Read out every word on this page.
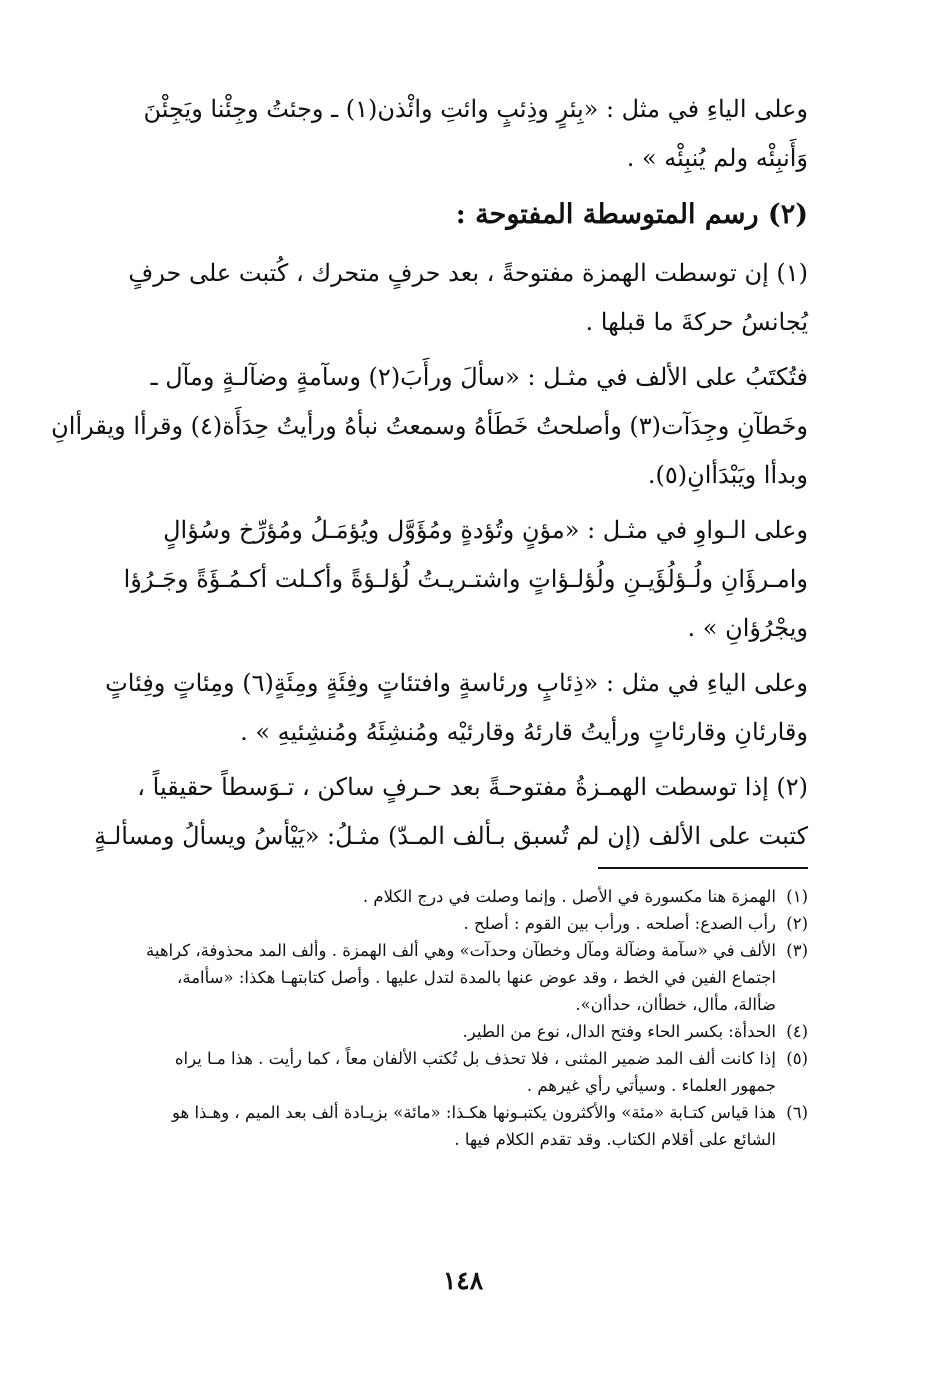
وعلى الياءِ في مثل : «بِئرٍ وذِئبٍ وائتِ وائْذن(١) ـ وجئتُ وجِئْنا ويَجِئْنَ
وَأَنبِئْه ولم يُنبِئْه » .
(٢) رسم المتوسطة المفتوحة :
(١) إن توسطت الهمزة مفتوحةً ، بعد حرفٍ متحرك ، كُتبت على حرفٍ
يُجانسُ حركةَ ما قبلها .
فتُكتَبُ على الألف في مثـل : «سألَ ورأَبَ(٢) وسآمةٍ وضآلـةٍ ومآل ـ
وخَطآنِ وجِدَآت(٣) وأصلحتُ خَطَأهُ وسمعتُ نبأهُ ورأيتُ حِدَأَة(٤) وقرأا ويقرأانِ
وبدأا ويَبْدَأانِ(٥).
وعلى الـواوِ في مثـل : «مؤنٍ وتُؤدةٍ ومُؤَوَّل ويُؤمَـلُ ومُؤرِّخ وسُؤالٍ
وامـرؤَانِ ولُـؤلُؤَيـنِ ولُؤلـؤاتٍ واشتـريـتُ لُؤلـؤةً وأكـلت أكـمُـؤَةً وجَـرُؤا
ويجْرُؤانِ » .
وعلى الياءِ في مثل : «ذِئابٍ ورئاسةٍ وافتئاتٍ وفِئَةٍ ومِئَةٍ(٦) ومِئاتٍ وفِئاتٍ
وقارئانِ وقارئاتٍ ورأيتُ قارئهُ وقارئيْه ومُنشِئَهُ ومُنشِئيهِ » .
(٢) إذا توسطت الهمـزةُ مفتوحـةً بعد حـرفٍ ساكن ، تـوَسطاً حقيقياً ،
كتبت على الألف (إن لم تُسبق بـألف المـدّ) مثـلُ: «يَيْأسُ ويسألُ ومسألـةٍ
(١)
الهمزة هنا مكسورة في الأصل . وإنما وصلت في درج الكلام .
(٢)
رأب الصدع: أصلحه . ورأب بين القوم : أصلح .
(٣)
الألف في «سآمة وضآلة ومآل وخطآن وحدآت» وهي ألف الهمزة . وألف المد محذوفة، كراهية
اجتماع الفين في الخط ، وقد عوض عنها بالمدة لتدل عليها . وأصل كتابتهـا هكذا: «سأامة،
ضأالة، مأال، خطأان، حدأان».
(٤)
الحدأة: بكسر الحاء وفتح الدال، نوع من الطير.
(٥)
إذا كانت ألف المد ضمير المثنى ، فلا تحذف بل تُكتب الألفان معاً ، كما رأيت . هذا مـا يراه
جمهور العلماء . وسيأتي رأي غيرهم .
(٦)
هذا قياس كتـابة «مئة» والأكثرون يكتبـونها هكـذا: «مائة» بزيـادة ألف بعد الميم ، وهـذا هو
الشائع على أقلام الكتاب. وقد تقدم الكلام فيها .
١٤٨
